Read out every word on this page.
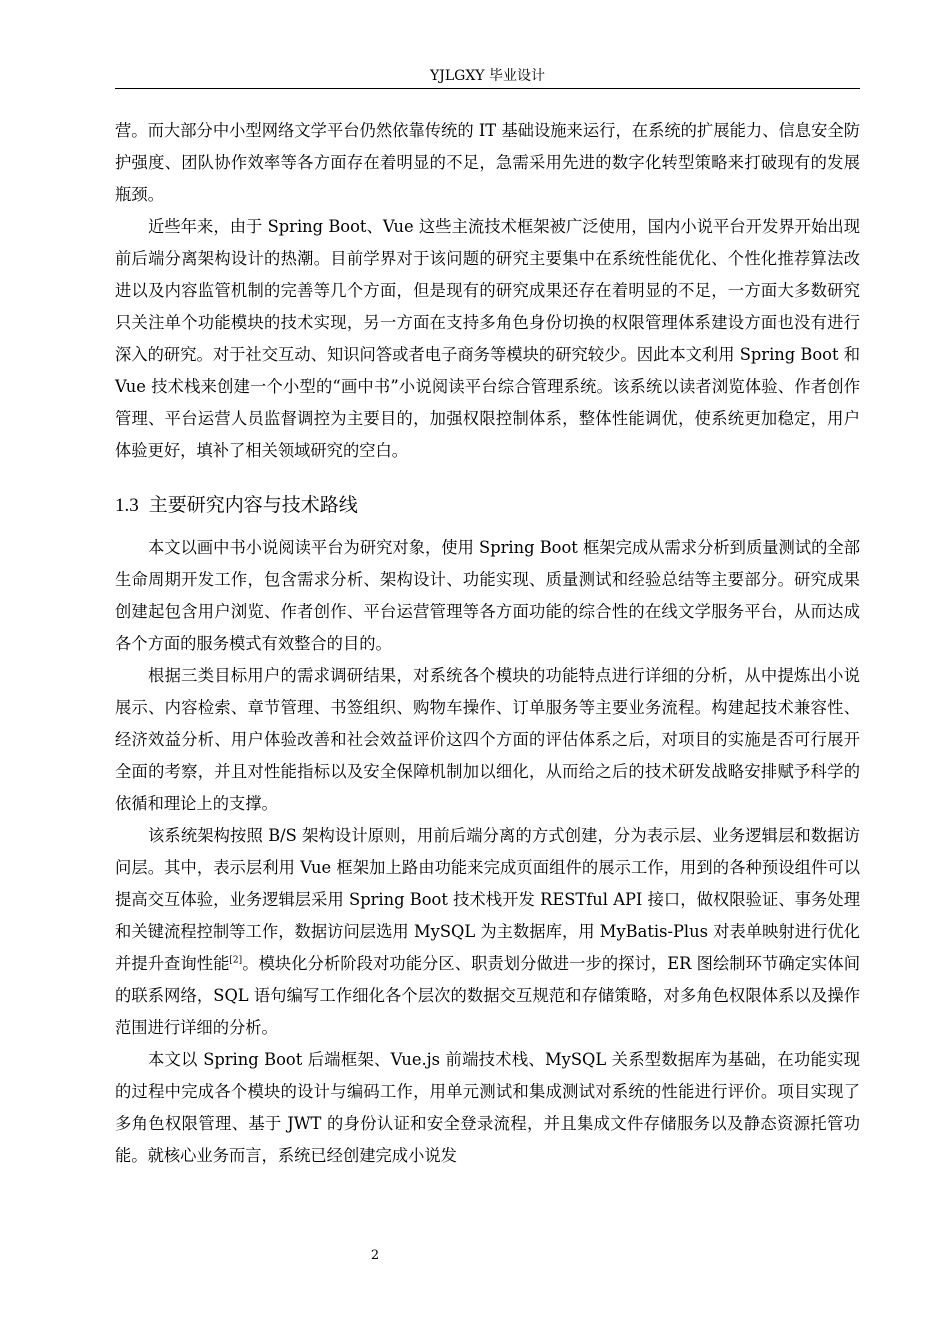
YJLGXY 毕业设计

营。而大部分中小型网络文学平台仍然依靠传统的 IT 基础设施来运行，在系统的扩展能力、信息安全防护强度、团队协作效率等各方面存在着明显的不足，急需采用先进的数字化转型策略来打破现有的发展瓶颈。

近些年来，由于 Spring Boot、Vue 这些主流技术框架被广泛使用，国内小说平台开发界开始出现前后端分离架构设计的热潮。目前学界对于该问题的研究主要集中在系统性能优化、个性化推荐算法改进以及内容监管机制的完善等几个方面，但是现有的研究成果还存在着明显的不足，一方面大多数研究只关注单个功能模块的技术实现，另一方面在支持多角色身份切换的权限管理体系建设方面也没有进行深入的研究。对于社交互动、知识问答或者电子商务等模块的研究较少。因此本文利用 Spring Boot 和 Vue 技术栈来创建一个小型的“画中书”小说阅读平台综合管理系统。该系统以读者浏览体验、作者创作管理、平台运营人员监督调控为主要目的，加强权限控制体系，整体性能调优，使系统更加稳定，用户体验更好，填补了相关领域研究的空白。

1.3 主要研究内容与技术路线

本文以画中书小说阅读平台为研究对象，使用 Spring Boot 框架完成从需求分析到质量测试的全部生命周期开发工作，包含需求分析、架构设计、功能实现、质量测试和经验总结等主要部分。研究成果创建起包含用户浏览、作者创作、平台运营管理等各方面功能的综合性的在线文学服务平台，从而达成各个方面的服务模式有效整合的目的。

根据三类目标用户的需求调研结果，对系统各个模块的功能特点进行详细的分析，从中提炼出小说展示、内容检索、章节管理、书签组织、购物车操作、订单服务等主要业务流程。构建起技术兼容性、经济效益分析、用户体验改善和社会效益评价这四个方面的评估体系之后，对项目的实施是否可行展开全面的考察，并且对性能指标以及安全保障机制加以细化，从而给之后的技术研发战略安排赋予科学的依循和理论上的支撑。

该系统架构按照 B/S 架构设计原则，用前后端分离的方式创建，分为表示层、业务逻辑层和数据访问层。其中，表示层利用 Vue 框架加上路由功能来完成页面组件的展示工作，用到的各种预设组件可以提高交互体验，业务逻辑层采用 Spring Boot 技术栈开发 RESTful API 接口，做权限验证、事务处理和关键流程控制等工作，数据访问层选用 MySQL 为主数据库，用 MyBatis-Plus 对表单映射进行优化并提升查询性能[2]。模块化分析阶段对功能分区、职责划分做进一步的探讨，ER 图绘制环节确定实体间的联系网络，SQL 语句编写工作细化各个层次的数据交互规范和存储策略，对多角色权限体系以及操作范围进行详细的分析。

本文以 Spring Boot 后端框架、Vue.js 前端技术栈、MySQL 关系型数据库为基础，在功能实现的过程中完成各个模块的设计与编码工作，用单元测试和集成测试对系统的性能进行评价。项目实现了多角色权限管理、基于 JWT 的身份认证和安全登录流程，并且集成文件存储服务以及静态资源托管功能。就核心业务而言，系统已经创建完成小说发

2
